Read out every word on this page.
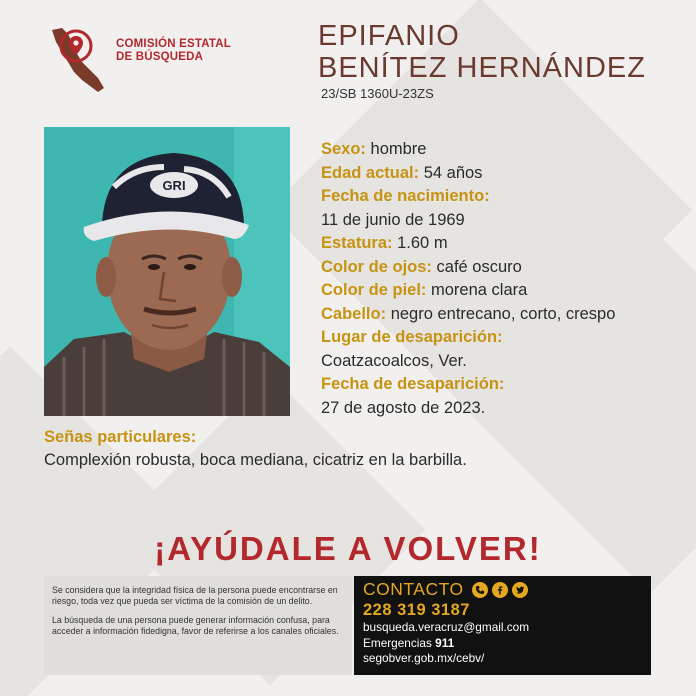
COMISIÓN ESTATAL
DE BÚSQUEDA
EPIFANIO
BENÍTEZ HERNÁNDEZ
23/SB 1360U-23ZS
GRI
Sexo: hombre
Edad actual: 54 años
Fecha de nacimiento:
11 de junio de 1969
Estatura: 1.60 m
Color de ojos: café oscuro
Color de piel: morena clara
Cabello: negro entrecano, corto, crespo
Lugar de desaparición:
Coatzacoalcos, Ver.
Fecha de desaparición:
27 de agosto de 2023.
Señas particulares:
Complexión robusta, boca mediana, cicatriz en la barbilla.
¡AYÚDALE A VOLVER!

Se considera que la integridad física de la persona puede encontrarse en riesgo, toda vez que pueda ser víctima de la comisión de un delito.

La búsqueda de una persona puede generar información confusa, para acceder a información fidedigna, favor de referirse a los canales oficiales.

CONTACTO
228 319 3187
busqueda.veracruz@gmail.com
Emergencias 911
segobver.gob.mx/cebv/
